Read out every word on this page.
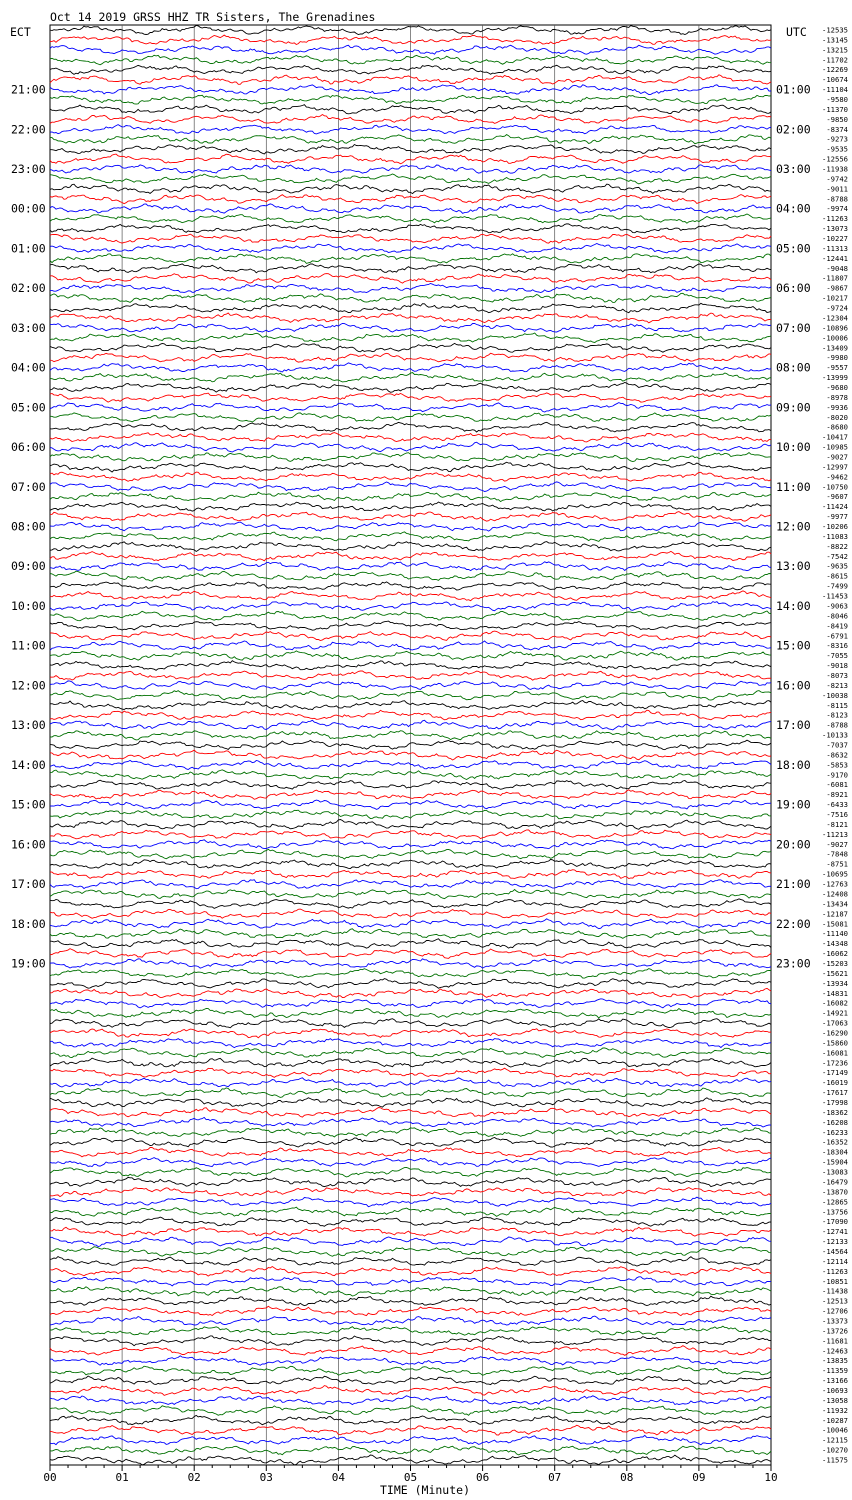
Oct 14 2019 GRSS HHZ TR Sisters, The Grenadines
ECT	UTC
TIME (Minute)
00	01	02	03	04	05	06	07	08	09	10
21:00
22:00
23:00
00:00
01:00
02:00
03:00
04:00
05:00
06:00
07:00
08:00
09:00
10:00
11:00
12:00
13:00
14:00
15:00
16:00
17:00
18:00
19:00
01:00
02:00
03:00
04:00
05:00
06:00
07:00
08:00
09:00
10:00
11:00
12:00
13:00
14:00
15:00
16:00
17:00
18:00
19:00
20:00
21:00
22:00
23:00
-12535
-13145
-13215
-11702
-12269
-10674
-11104
-9580
-11370
-9850
-8374
-9273
-9535
-12556
-11938
-9742
-9011
-8788
-9974
-11263
-13073
-10227
-11313
-12441
-9048
-11807
-9867
-10217
-9724
-12304
-10896
-10006
-13409
-9980
-9557
-13999
-9680
-8978
-9936
-8020
-8680
-10417
-10985
-9027
-12997
-9462
-10750
-9607
-11424
-9977
-10206
-11083
-8822
-7542
-9635
-8615
-7499
-11453
-9063
-8046
-8419
-6791
-8316
-7055
-9018
-8073
-8213
-10038
-8115
-8123
-8788
-10133
-7037
-8632
-5853
-9170
-6081
-8921
-6433
-7516
-8121
-11213
-9027
-7848
-8751
-10695
-12763
-12408
-13434
-12187
-15081
-11140
-14348
-16062
-15203
-15621
-13934
-14831
-16082
-14921
-17063
-16290
-15860
-16081
-17236
-17149
-16019
-17617
-17998
-18362
-16208
-16233
-16352
-18304
-15904
-13083
-16479
-13870
-12865
-13756
-17090
-12741
-12133
-14564
-12114
-11263
-10851
-11438
-12513
-12706
-13373
-13726
-11681
-12463
-13835
-11359
-13166
-10693
-13058
-11932
-10287
-10046
-12115
-10270
-11575
